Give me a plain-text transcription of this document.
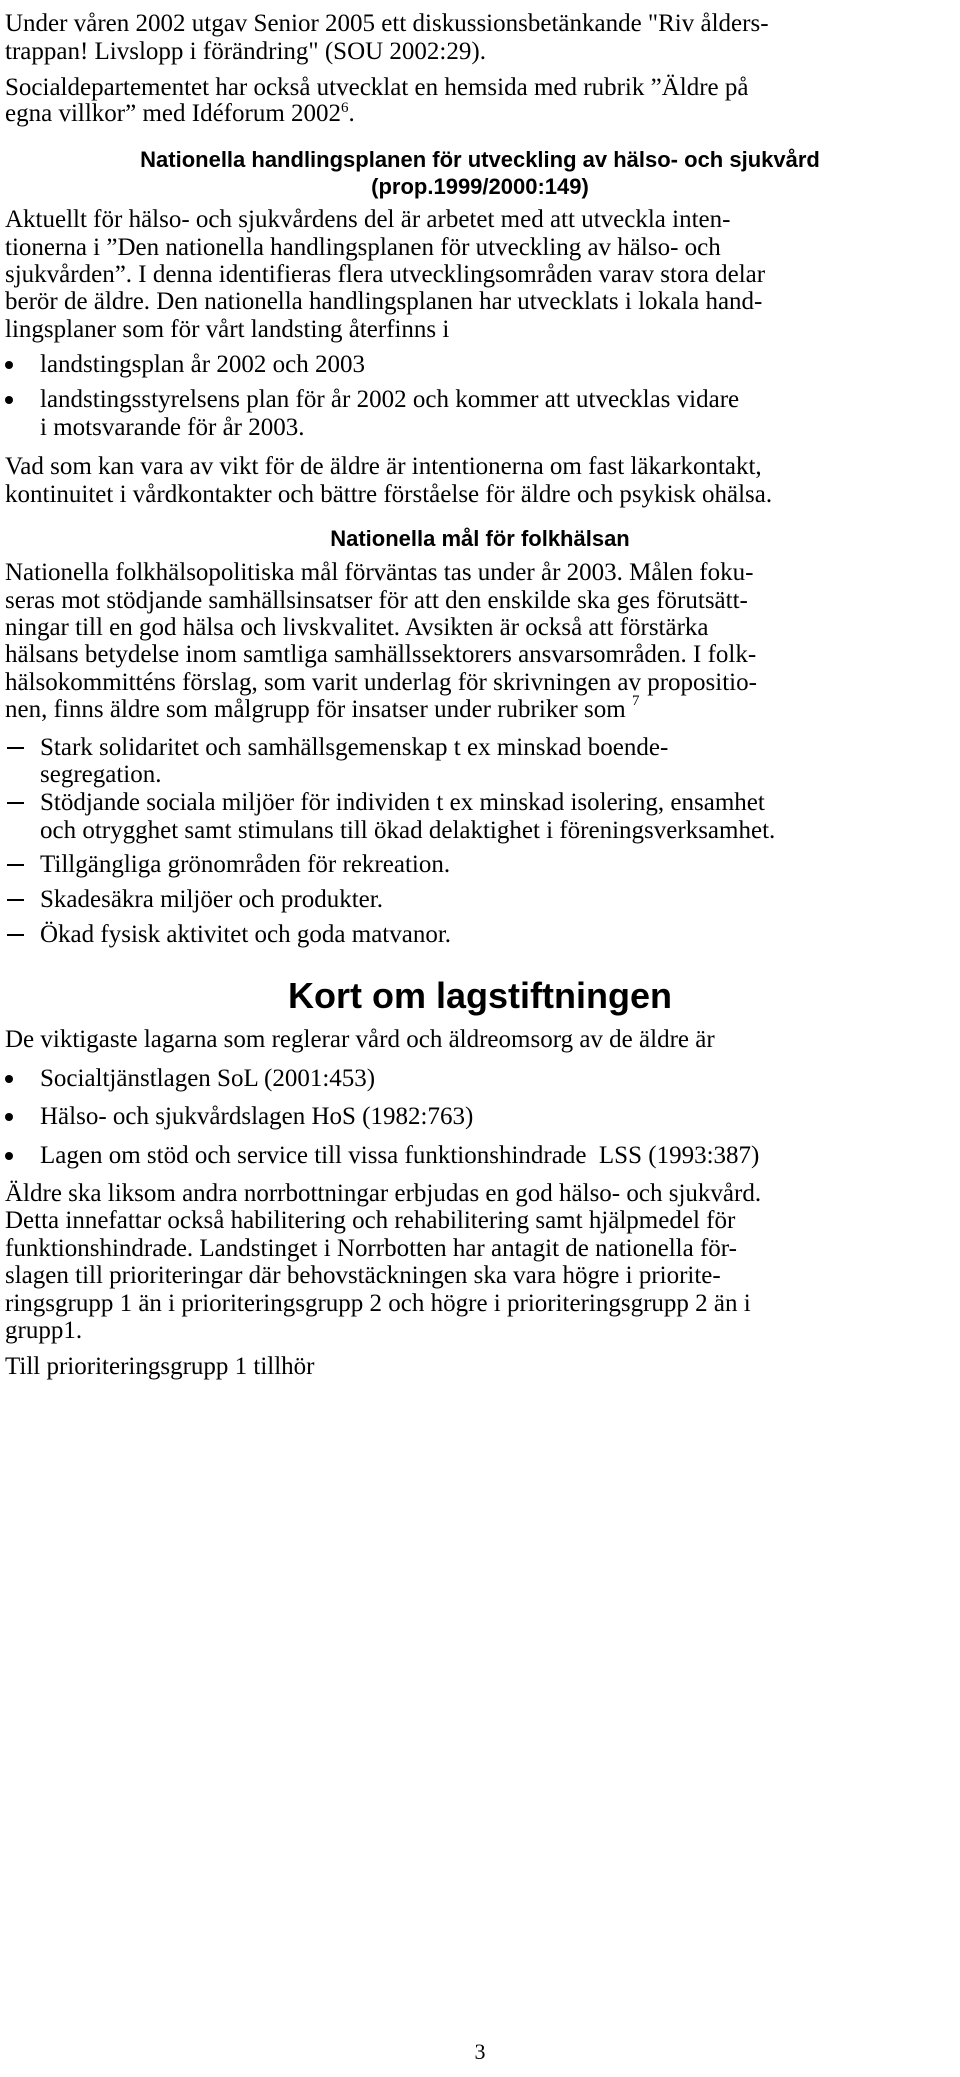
Under våren 2002 utgav Senior 2005 ett diskussionsbetänkande "Riv ålders-
trappan! Livslopp i förändring" (SOU 2002:29).
Socialdepartementet har också utvecklat en hemsida med rubrik ”Äldre på
egna villkor” med Idéforum 2002$^6$.
Nationella handlingsplanen för utveckling av hälso- och sjukvård
(prop.1999/2000:149)
Aktuellt för hälso- och sjukvårdens del är arbetet med att utveckla inten-
tionerna i ”Den nationella handlingsplanen för utveckling av hälso- och
sjukvården”. I denna identifieras flera utvecklingsområden varav stora delar
berör de äldre. Den nationella handlingsplanen har utvecklats i lokala hand-
lingsplaner som för vårt landsting återfinns i
landstingsplan år 2002 och 2003
landstingsstyrelsens plan för år 2002 och kommer att utvecklas vidare
i motsvarande för år 2003.
Vad som kan vara av vikt för de äldre är intentionerna om fast läkarkontakt,
kontinuitet i vårdkontakter och bättre förståelse för äldre och psykisk ohälsa.
Nationella mål för folkhälsan
Nationella folkhälsopolitiska mål förväntas tas under år 2003. Målen foku-
seras mot stödjande samhällsinsatser för att den enskilde ska ges förutsätt-
ningar till en god hälsa och livskvalitet. Avsikten är också att förstärka
hälsans betydelse inom samtliga samhällssektorers ansvarsområden. I folk-
hälsokommitténs förslag, som varit underlag för skrivningen av propositio-
nen, finns äldre som målgrupp för insatser under rubriker som $^7$
Stark solidaritet och samhällsgemenskap t ex minskad boende-
segregation.
Stödjande sociala miljöer för individen t ex minskad isolering, ensamhet
och otrygghet samt stimulans till ökad delaktighet i föreningsverksamhet.
Tillgängliga grönområden för rekreation.
Skadesäkra miljöer och produkter.
Ökad fysisk aktivitet och goda matvanor.
Kort om lagstiftningen
De viktigaste lagarna som reglerar vård och äldreomsorg av de äldre är
Socialtjänstlagen SoL (2001:453)
Hälso- och sjukvårdslagen HoS (1982:763)
Lagen om stöd och service till vissa funktionshindrade  LSS (1993:387)
Äldre ska liksom andra norrbottningar erbjudas en god hälso- och sjukvård.
Detta innefattar också habilitering och rehabilitering samt hjälpmedel för
funktionshindrade. Landstinget i Norrbotten har antagit de nationella för-
slagen till prioriteringar där behovstäckningen ska vara högre i priorite-
ringsgrupp 1 än i prioriteringsgrupp 2 och högre i prioriteringsgrupp 2 än i
grupp1.
Till prioriteringsgrupp 1 tillhör
3
